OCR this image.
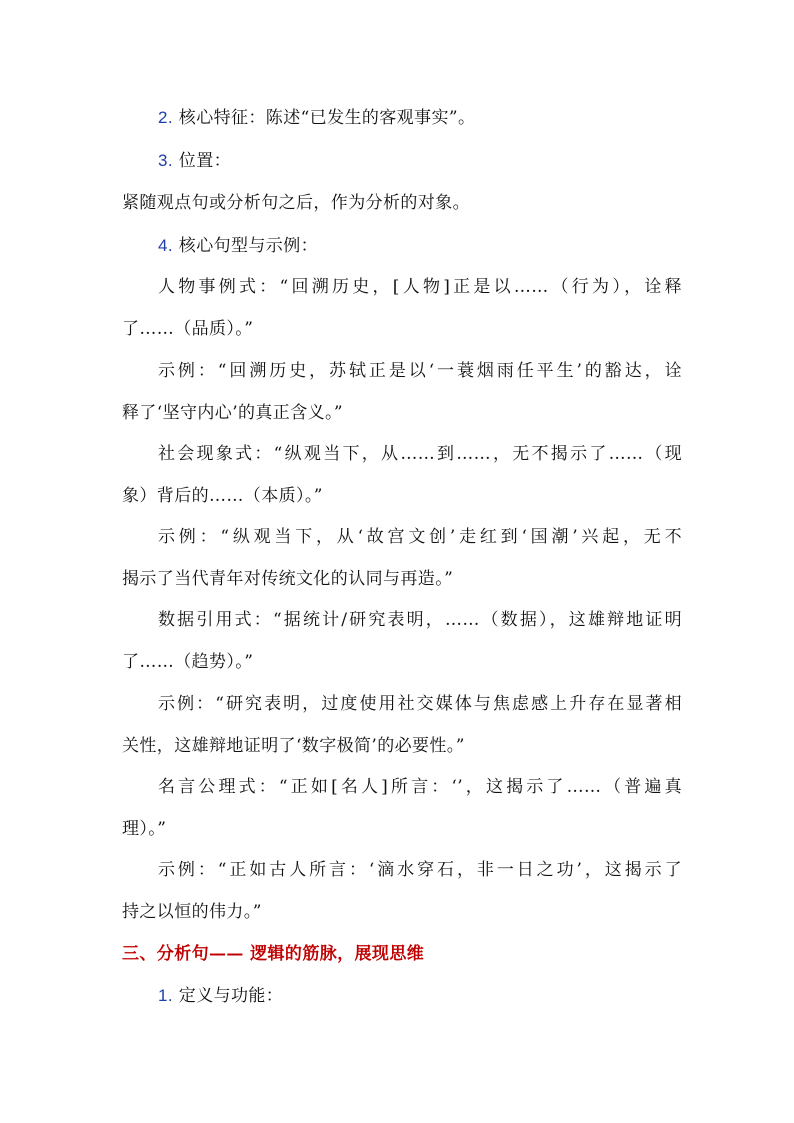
2. 核心特征：陈述“已发生的客观事实”。
3. 位置：
紧随观点句或分析句之后，作为分析的对象。
4. 核心句型与示例：
人物事例式：“回溯历史，[人物]正是以……（行为），诠释
了……（品质）。”
示例：“回溯历史，苏轼正是以‘一蓑烟雨任平生’的豁达，诠
释了‘坚守内心’的真正含义。”
社会现象式：“纵观当下，从……到……，无不揭示了……（现
象）背后的……（本质）。”
示例：“纵观当下，从‘故宫文创’走红到‘国潮’兴起，无不
揭示了当代青年对传统文化的认同与再造。”
数据引用式：“据统计/研究表明，……（数据），这雄辩地证明
了……（趋势）。”
示例：“研究表明，过度使用社交媒体与焦虑感上升存在显著相
关性，这雄辩地证明了‘数字极简’的必要性。”
名言公理式：“正如[名人]所言：‘’，这揭示了……（普遍真
理）。”
示例：“正如古人所言：‘滴水穿石，非一日之功’，这揭示了
持之以恒的伟力。”
三、分析句—— 逻辑的筋脉，展现思维
1. 定义与功能：
